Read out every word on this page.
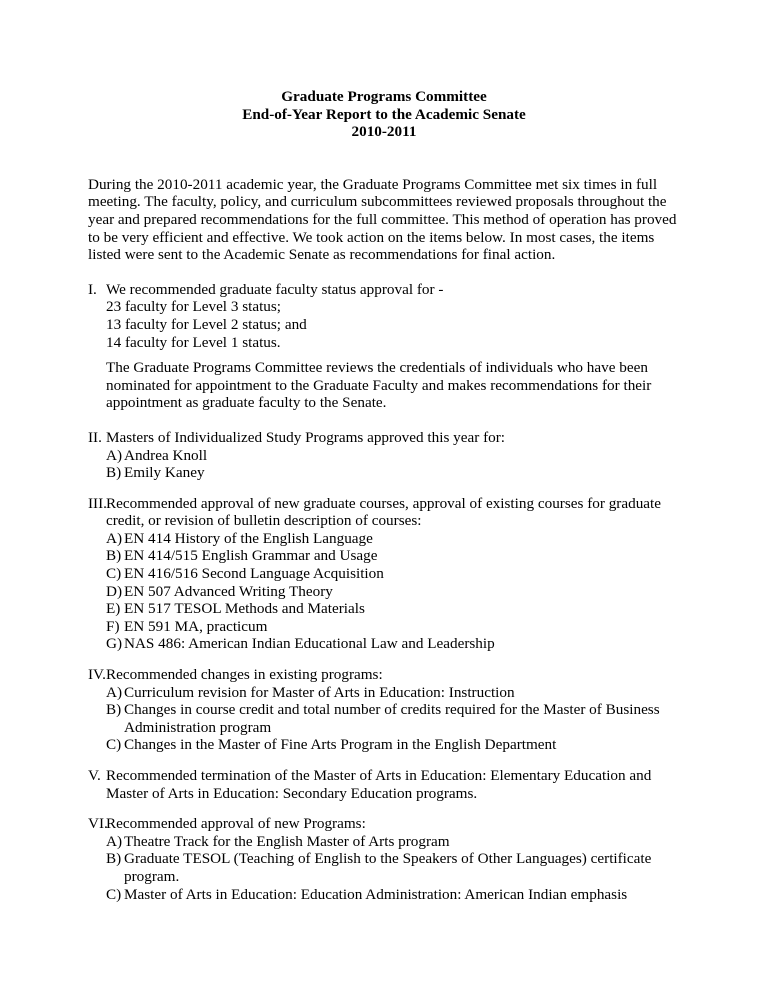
Graduate Programs Committee
End-of-Year Report to the Academic Senate
2010-2011

During the 2010-2011 academic year, the Graduate Programs Committee met six times in full meeting. The faculty, policy, and curriculum subcommittees reviewed proposals throughout the year and prepared recommendations for the full committee. This method of operation has proved to be very efficient and effective. We took action on the items below. In most cases, the items listed were sent to the Academic Senate as recommendations for final action.

I. We recommended graduate faculty status approval for -
23 faculty for Level 3 status;
13 faculty for Level 2 status; and
14 faculty for Level 1 status.
The Graduate Programs Committee reviews the credentials of individuals who have been nominated for appointment to the Graduate Faculty and makes recommendations for their appointment as graduate faculty to the Senate.
II. Masters of Individualized Study Programs approved this year for:
A) Andrea Knoll
B) Emily Kaney
III. Recommended approval of new graduate courses, approval of existing courses for graduate credit, or revision of bulletin description of courses:
A) EN 414 History of the English Language
B) EN 414/515 English Grammar and Usage
C) EN 416/516 Second Language Acquisition
D) EN 507 Advanced Writing Theory
E) EN 517 TESOL Methods and Materials
F) EN 591 MA, practicum
G) NAS 486: American Indian Educational Law and Leadership
IV. Recommended changes in existing programs:
A) Curriculum revision for Master of Arts in Education: Instruction
B) Changes in course credit and total number of credits required for the Master of Business Administration program
C) Changes in the Master of Fine Arts Program in the English Department
V. Recommended termination of the Master of Arts in Education: Elementary Education and Master of Arts in Education: Secondary Education programs.
VI.
Recommended approval of new Programs:
A) Theatre Track for the English Master of Arts program
B) Graduate TESOL (Teaching of English to the Speakers of Other Languages) certificate program.
C) Master of Arts in Education: Education Administration: American Indian emphasis
